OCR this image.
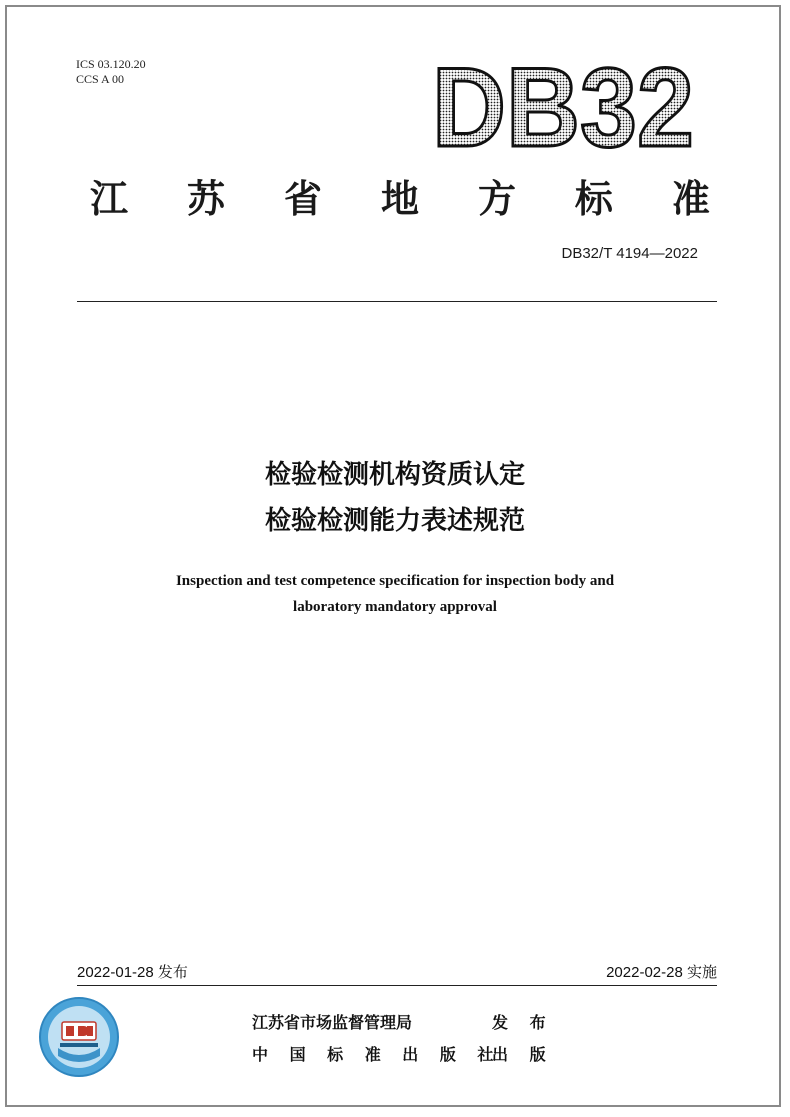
ICS 03.120.20
CCS A 00	DB32
江 苏 省 地 方 标 准
DB32/T 4194—2022
检验检测机构资质认定
检验检测能力表述规范
Inspection and test competence specification for inspection body and
laboratory mandatory approval
2022-01-28 发布	2022-02-28 实施
江苏省市场监督管理局	发 布
中 国 标 准 出 版 社
出 版
